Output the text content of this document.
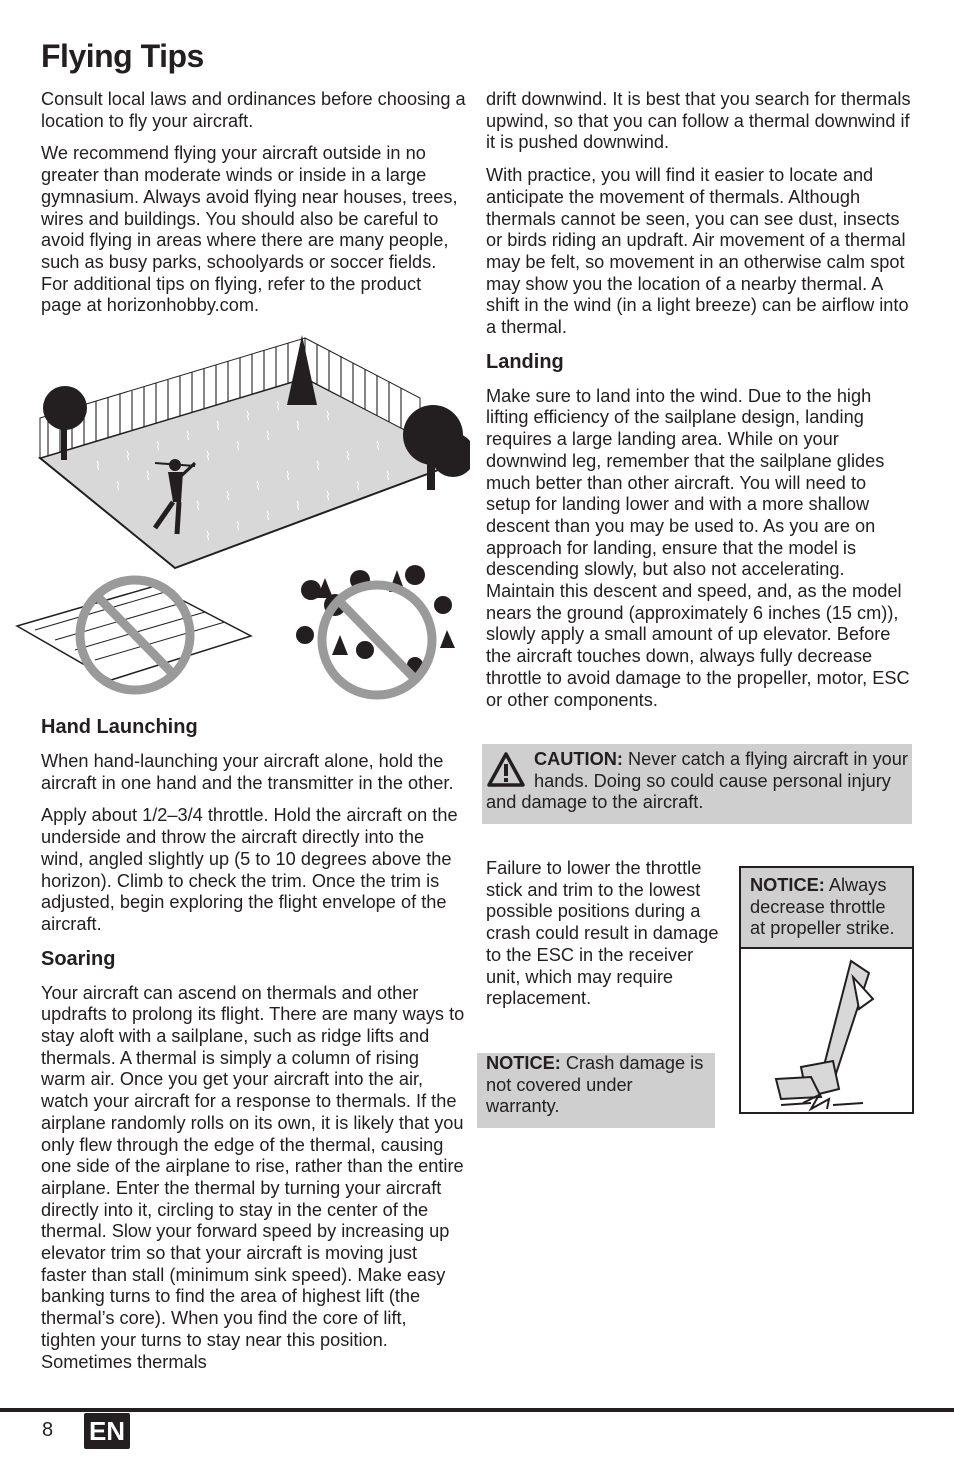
Flying Tips

Consult local laws and ordinances before choosing a location to fly your aircraft.

We recommend flying your aircraft outside in no greater than moderate winds or inside in a large gymnasium. Always avoid flying near houses, trees, wires and buildings. You should also be careful to avoid flying in areas where there are many people, such as busy parks, schoolyards or soccer fields. For additional tips on flying, refer to the product page at horizonhobby.com.

⌇
⌇
⌇
⌇
⌇
⌇
⌇
⌇
⌇
⌇
⌇
⌇
⌇
⌇
⌇
⌇
⌇
⌇
⌇
⌇
⌇
⌇
⌇
⌇
⌇
⌇
⌇
⌇
Hand Launching

When hand-launching your aircraft alone, hold the aircraft in one hand and the transmitter in the other.

Apply about 1/2–3/4 throttle. Hold the aircraft on the underside and throw the aircraft directly into the wind, angled slightly up (5 to 10 degrees above the horizon). Climb to check the trim. Once the trim is adjusted, begin exploring the flight envelope of the aircraft.

Soaring

Your aircraft can ascend on thermals and other updrafts to prolong its flight. There are many ways to stay aloft with a sailplane, such as ridge lifts and thermals. A thermal is simply a column of rising warm air. Once you get your aircraft into the air, watch your aircraft for a response to thermals. If the airplane randomly rolls on its own, it is likely that you only flew through the edge of the thermal, causing one side of the airplane to rise, rather than the entire airplane. Enter the thermal by turning your aircraft directly into it, circling to stay in the center of the thermal. Slow your forward speed by increasing up elevator trim so that your aircraft is moving just faster than stall (minimum sink speed). Make easy banking turns to find the area of highest lift (the thermal’s core). When you find the core of lift, tighten your turns to stay near this position. Sometimes thermals

drift downwind. It is best that you search for thermals upwind, so that you can follow a thermal downwind if it is pushed downwind.

With practice, you will find it easier to locate and anticipate the movement of thermals. Although thermals cannot be seen, you can see dust, insects or birds riding an updraft. Air movement of a thermal may be felt, so movement in an otherwise calm spot may show you the location of a nearby thermal. A shift in the wind (in a light breeze) can be airflow into a thermal.

Landing

Make sure to land into the wind. Due to the high lifting efficiency of the sailplane design, landing requires a large landing area. While on your downwind leg, remember that the sailplane glides much better than other aircraft. You will need to setup for landing lower and with a more shallow descent than you may be used to. As you are on approach for landing, ensure that the model is descending slowly, but also not accelerating. Maintain this descent and speed, and, as the model nears the ground (approximately 6 inches (15 cm)), slowly apply a small amount of up elevator. Before the aircraft touches down, always fully decrease throttle to avoid damage to the propeller, motor, ESC or other components.

CAUTION: Never catch a flying aircraft in your hands. Doing so could cause personal injury and damage to the aircraft.
Failure to lower the throttle stick and trim to the lowest possible positions during a crash could result in damage to the ESC in the receiver unit, which may require replacement.
NOTICE: Crash damage is not covered under warranty.
NOTICE: Always decrease throttle at propeller strike.
8 EN
